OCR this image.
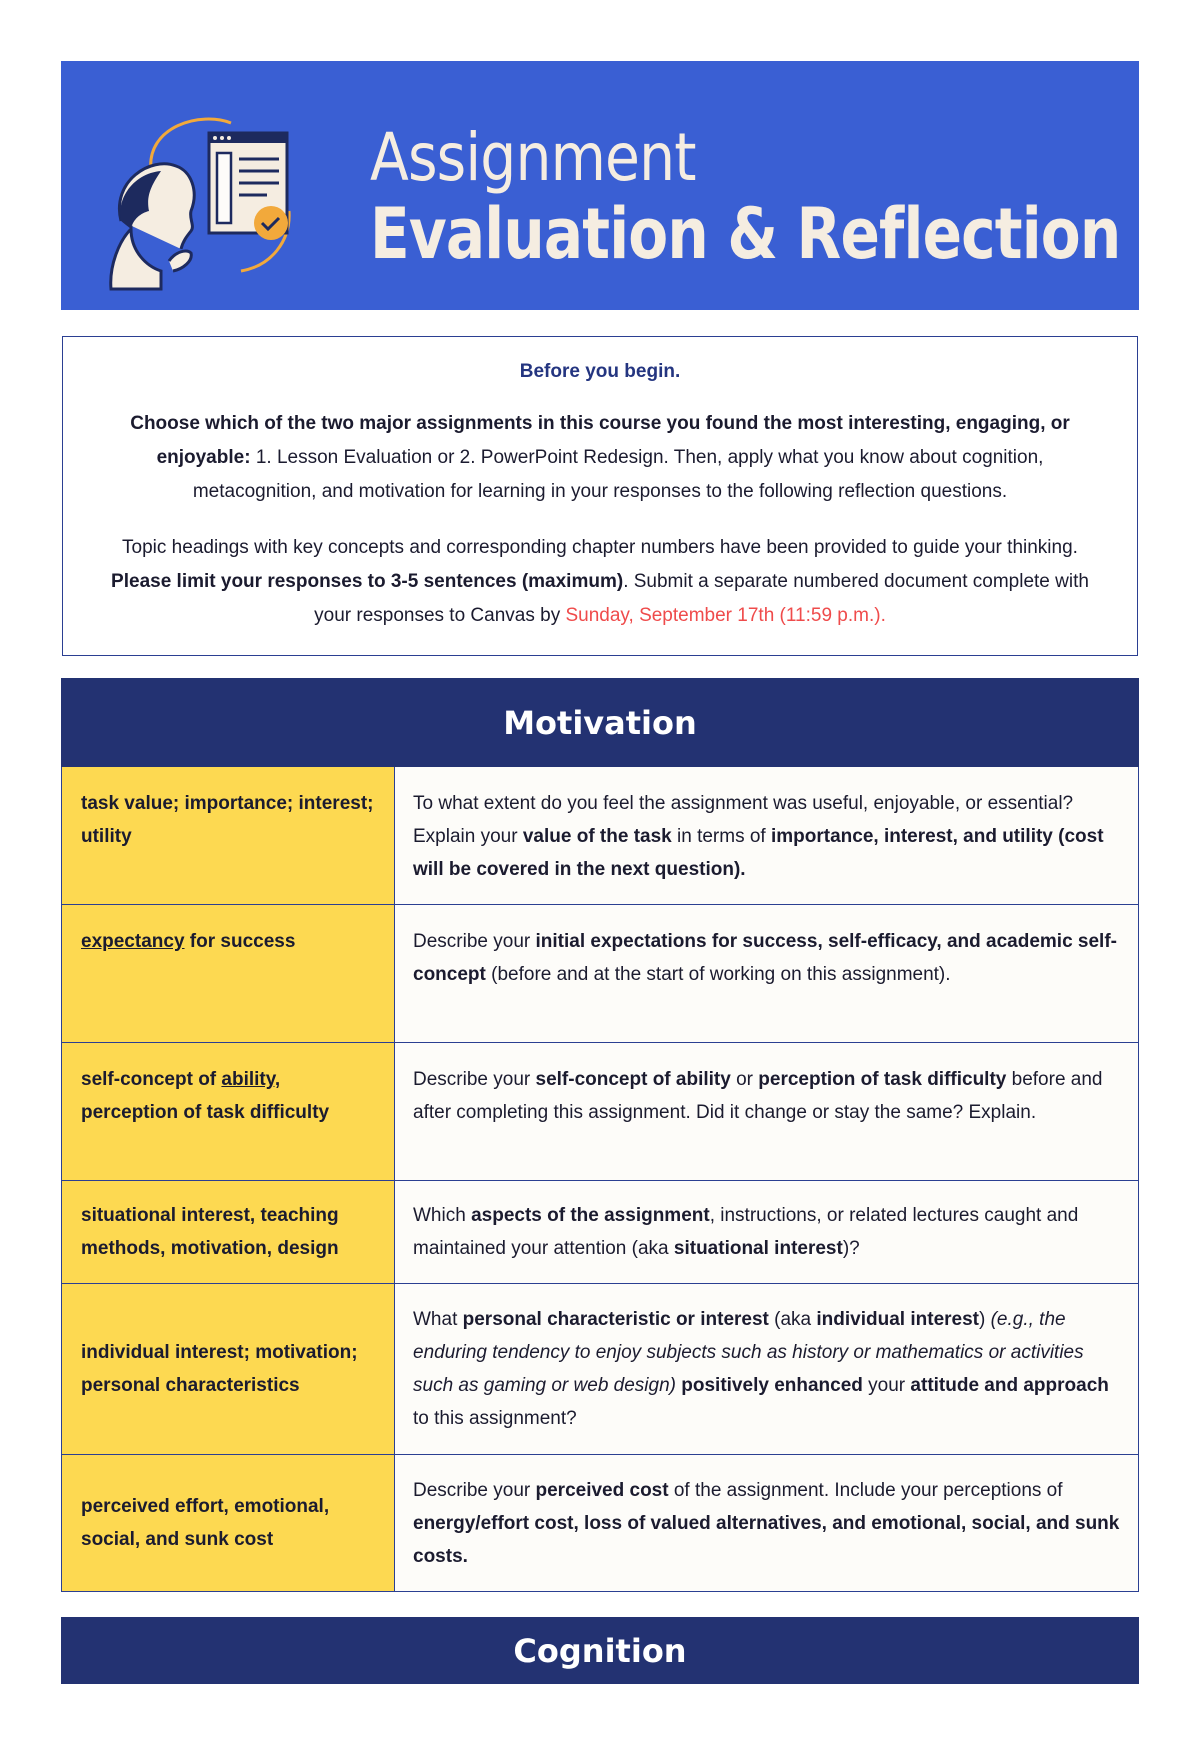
Assignment
Evaluation & Reflection
Before you begin.

Choose which of the two major assignments in this course you found the most interesting, engaging, or enjoyable: 1. Lesson Evaluation or 2. PowerPoint Redesign. Then, apply what you know about cognition, metacognition, and motivation for learning in your responses to the following reflection questions.

Topic headings with key concepts and corresponding chapter numbers have been provided to guide your thinking. Please limit your responses to 3-5 sentences (maximum). Submit a separate numbered document complete with your responses to Canvas by Sunday, September 17th (11:59 p.m.).

Motivation
task value; importance; interest; utility
To what extent do you feel the assignment was useful, enjoyable, or essential? Explain your value of the task in terms of importance, interest, and utility (cost will be covered in the next question).
expectancy for success	Describe your initial expectations for success, self-efficacy, and academic self-concept (before and at the start of working on this assignment).
self-concept of ability,
perception of task difficulty
Describe your self-concept of ability or perception of task difficulty before and after completing this assignment. Did it change or stay the same? Explain.
situational interest, teaching methods, motivation, design
Which aspects of the assignment, instructions, or related lectures caught and maintained your attention (aka situational interest)?
individual interest; motivation; personal characteristics
What personal characteristic or interest (aka individual interest) (e.g., the enduring tendency to enjoy subjects such as history or mathematics or activities such as gaming or web design) positively enhanced your attitude and approach to this assignment?
perceived effort, emotional, social, and sunk cost
Describe your perceived cost of the assignment. Include your perceptions of energy/effort cost, loss of valued alternatives, and emotional, social, and sunk costs.
Cognition
